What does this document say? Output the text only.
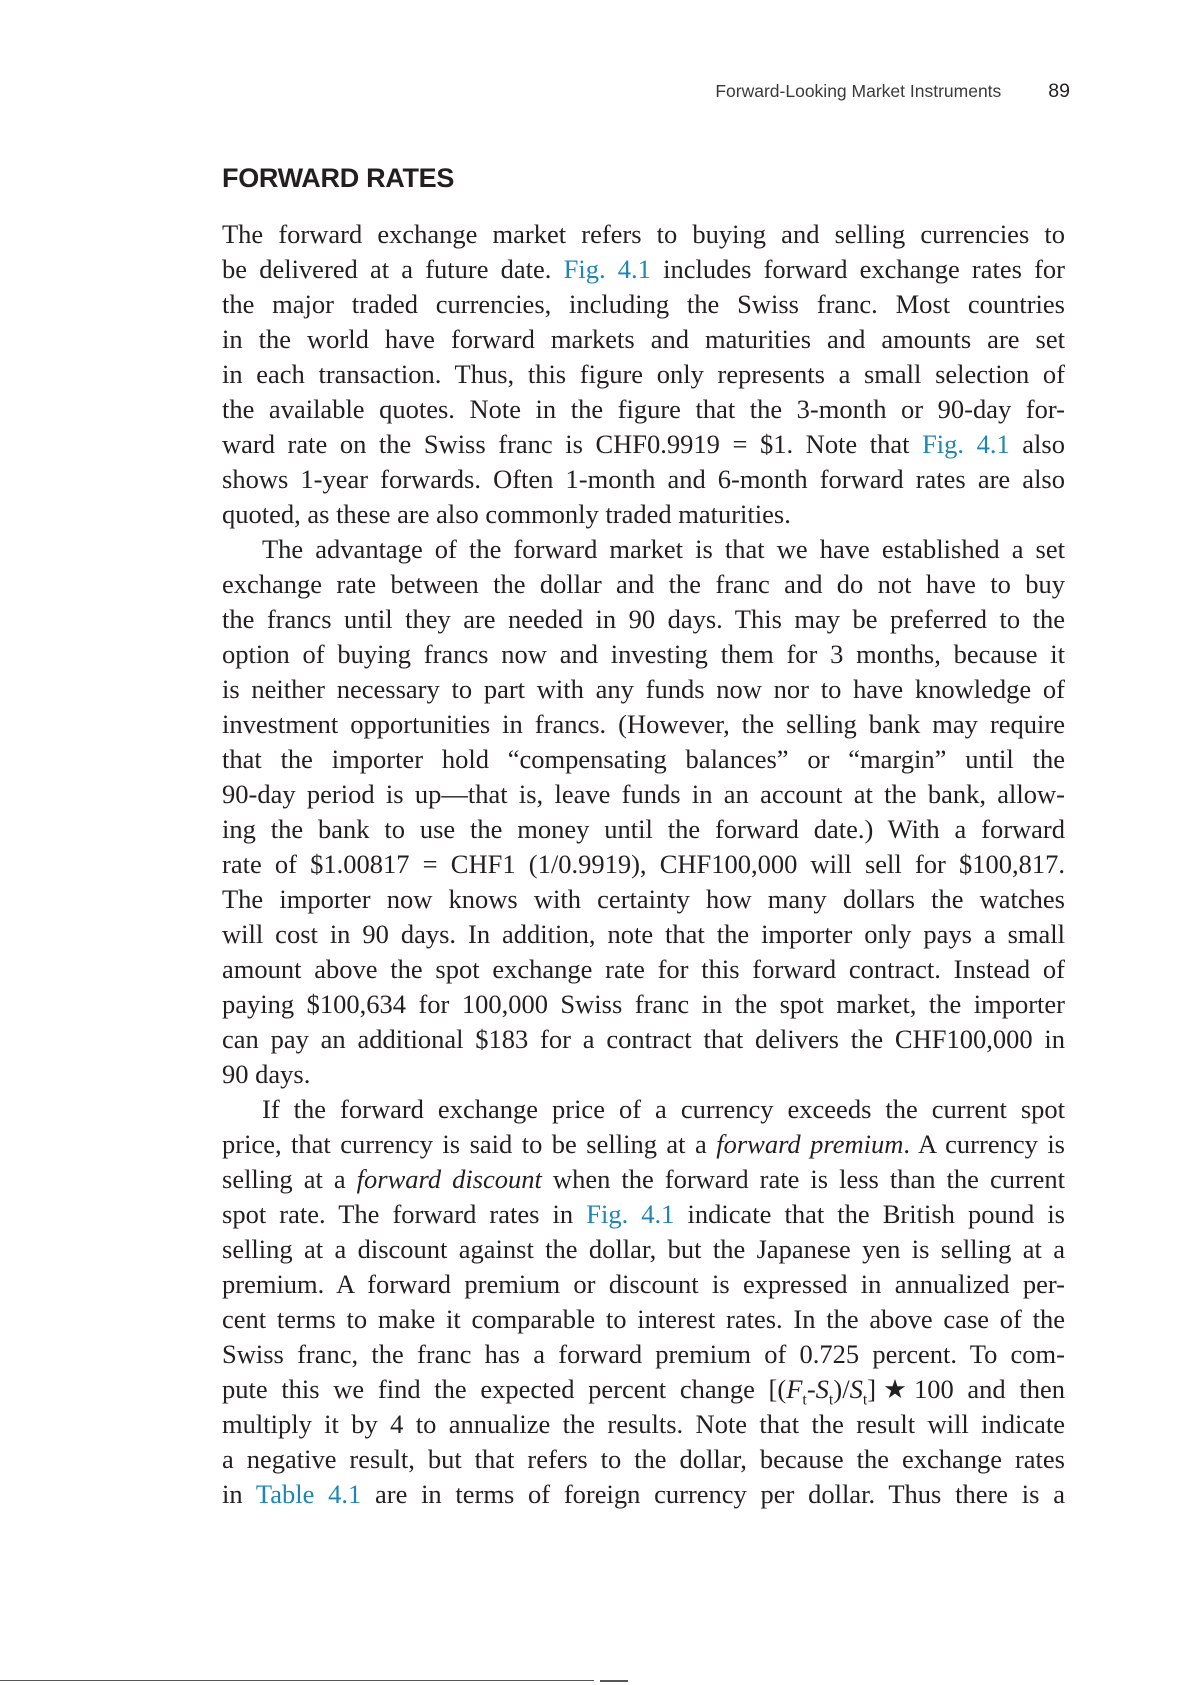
Forward-Looking Market Instruments 89
FORWARD RATES
The forward exchange market refers to buying and selling currencies to
be delivered at a future date. Fig. 4.1 includes forward exchange rates for
the major traded currencies, including the Swiss franc. Most countries
in the world have forward markets and maturities and amounts are set
in each transaction. Thus, this figure only represents a small selection of
the available quotes. Note in the figure that the 3-month or 90-day for-
ward rate on the Swiss franc is CHF0.9919 = $1. Note that Fig. 4.1 also
shows 1-year forwards. Often 1-month and 6-month forward rates are also
quoted, as these are also commonly traded maturities.
The advantage of the forward market is that we have established a set
exchange rate between the dollar and the franc and do not have to buy
the francs until they are needed in 90 days. This may be preferred to the
option of buying francs now and investing them for 3 months, because it
is neither necessary to part with any funds now nor to have knowledge of
investment opportunities in francs. (However, the selling bank may require
that the importer hold “compensating balances” or “margin” until the
90-day period is up—that is, leave funds in an account at the bank, allow-
ing the bank to use the money until the forward date.) With a forward
rate of $1.00817 = CHF1 (1/0.9919), CHF100,000 will sell for $100,817.
The importer now knows with certainty how many dollars the watches
will cost in 90 days. In addition, note that the importer only pays a small
amount above the spot exchange rate for this forward contract. Instead of
paying $100,634 for 100,000 Swiss franc in the spot market, the importer
can pay an additional $183 for a contract that delivers the CHF100,000 in
90 days.
If the forward exchange price of a currency exceeds the current spot
price, that currency is said to be selling at a forward premium. A currency is
selling at a forward discount when the forward rate is less than the current
spot rate. The forward rates in Fig. 4.1 indicate that the British pound is
selling at a discount against the dollar, but the Japanese yen is selling at a
premium. A forward premium or discount is expressed in annualized per-
cent terms to make it comparable to interest rates. In the above case of the
Swiss franc, the franc has a forward premium of 0.725 percent. To com-
pute this we find the expected percent change $[(F_t-S_t)/S_t]★100$ and then
multiply it by 4 to annualize the results. Note that the result will indicate
a negative result, but that refers to the dollar, because the exchange rates
in Table 4.1 are in terms of foreign currency per dollar. Thus there is a
